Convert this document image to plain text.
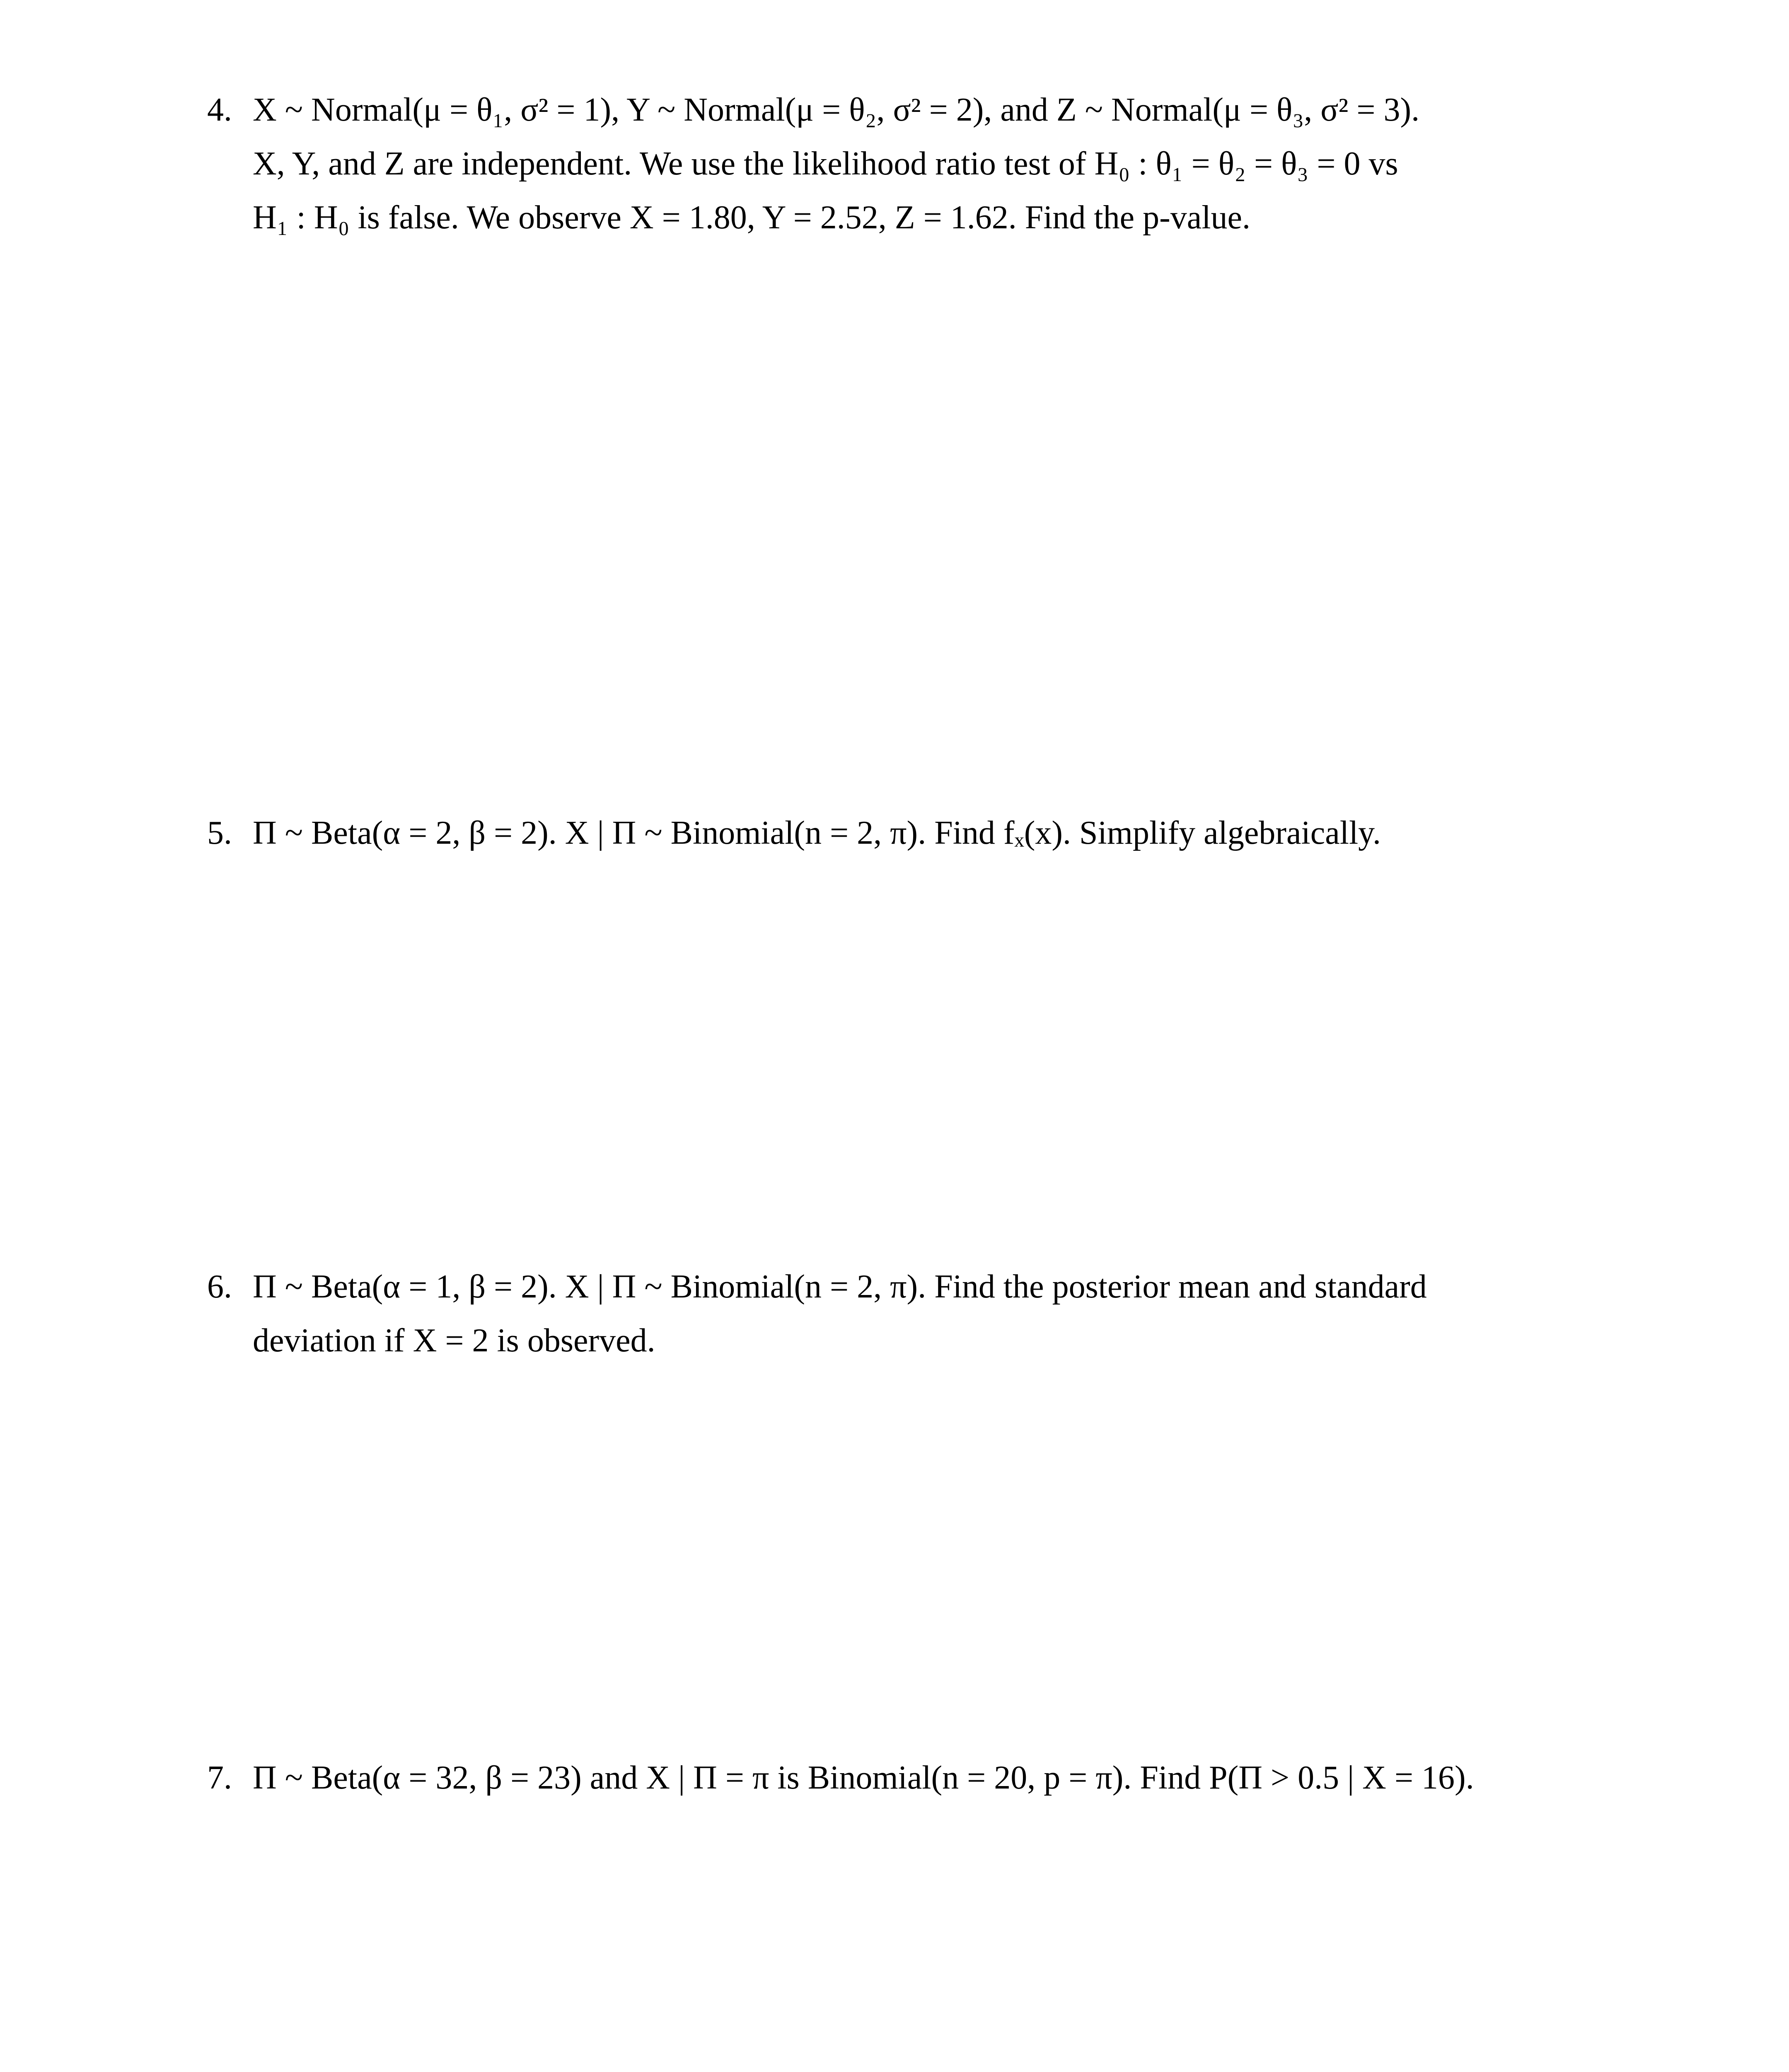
4. X ~ Normal(μ = θ₁, σ² = 1), Y ~ Normal(μ = θ₂, σ² = 2), and Z ~ Normal(μ = θ₃, σ² = 3).
X, Y, and Z are independent. We use the likelihood ratio test of H₀ : θ₁ = θ₂ = θ₃ = 0 vs
H₁ : H₀ is false. We observe X = 1.80, Y = 2.52, Z = 1.62. Find the p-value.
5. Π ~ Beta(α = 2, β = 2). X | Π ~ Binomial(n = 2, π). Find fₓ(x). Simplify algebraically.
6. Π ~ Beta(α = 1, β = 2). X | Π ~ Binomial(n = 2, π). Find the posterior mean and standard
deviation if X = 2 is observed.
7. Π ~ Beta(α = 32, β = 23) and X | Π = π is Binomial(n = 20, p = π). Find P(Π > 0.5 | X = 16).
